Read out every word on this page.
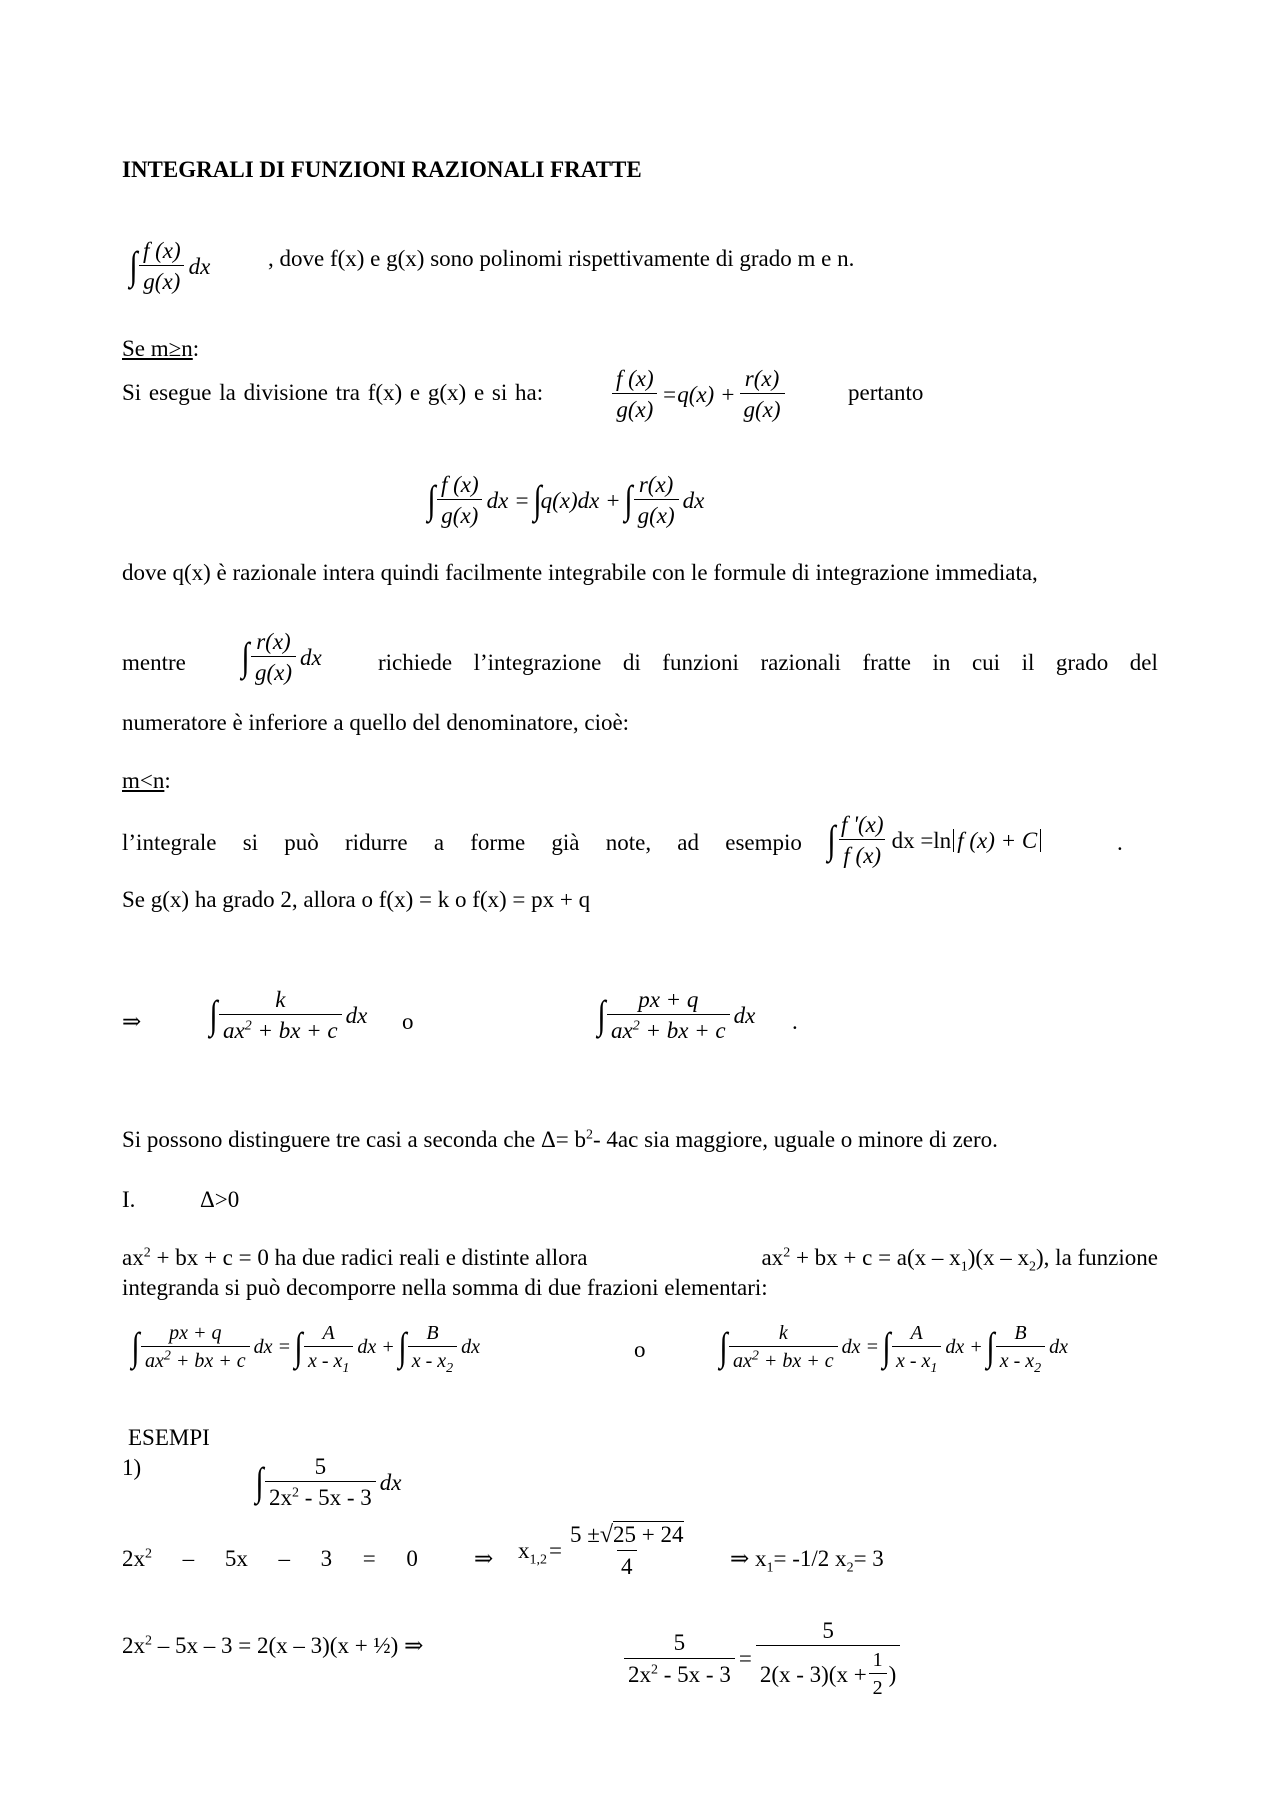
INTEGRALI DI FUNZIONI RAZIONALI FRATTE
∫ $\frac{f (x)}{g(x)}$ dx	, dove f(x) e g(x) sono polinomi rispettivamente di grado m e n.
Se m≥n:
Si esegue la divisione tra f(x) e g(x) e si ha:	$\frac{f (x)}{g(x)} =q(x) + \frac{r(x)}{g(x)}$	pertanto
∫ $\frac{f (x)}{g(x)}$ dx = ∫ q(x)dx + ∫ $\frac{r(x)}{g(x)}$ dx
dove q(x) è razionale intera quindi facilmente integrabile con le formule di integrazione immediata,
mentre ∫ $\frac{r(x)}{g(x)}$ dx richiede l’integrazione di funzioni razionali fratte in cui il grado del
numeratore è inferiore a quello del denominatore, cioè:
m<n:
l’integrale si può ridurre a forme già note, ad esempio ∫ $\frac{f '(x)}{f (x)}$ dx =ln f (x) + C	.
Se g(x) ha grado 2, allora o f(x) = k o f(x) = px + q
⇒ ∫ $\frac{k}{ax^2 + bx + c}$ dx o	∫ $\frac{px + q}{ax^2 + bx + c}$ dx .
Si possono distinguere tre casi a seconda che $\Delta= b^2-$ 4ac sia maggiore, uguale o minore di zero.
I.	Δ>0
$ax^2$ + bx + c = 0 ha due radici reali e distinte allora	$ax^2$ + bx + $c = a(x - x_1)(x - x_2)$, la funzione
integranda si può decomporre nella somma di due frazioni elementari:
∫ $\frac{px + q}{ax^2 + bx + c}$ dx = ∫ $\frac{A}{x - x_1}$ dx + ∫ $\frac{B}{x - x_2}$ dx	o ∫ $\frac{k}{ax^2 + bx + c}$ dx = ∫ $\frac{A}{x - x_1}$ dx + ∫ $\frac{B}{x - x_2}$ dx
ESEMPI
1)	∫ $\frac{5}{2x^2 - 5x - 3}$ dx
$2x^2 - 5x - 3 = 0$ ⇒ $x_{1,2} = \frac{5 \pm√25 + 24}{4}$ ⇒ $x_1= -1/2$ $x_2= 3$
$2x^2 - 5x - 3 = 2(x - 3)(x$ + ½) ⇒	$\frac{5}{2x^2 - 5x - 3} = \frac{5}{2(x - 3)(x + \frac{1}{2} )}$
